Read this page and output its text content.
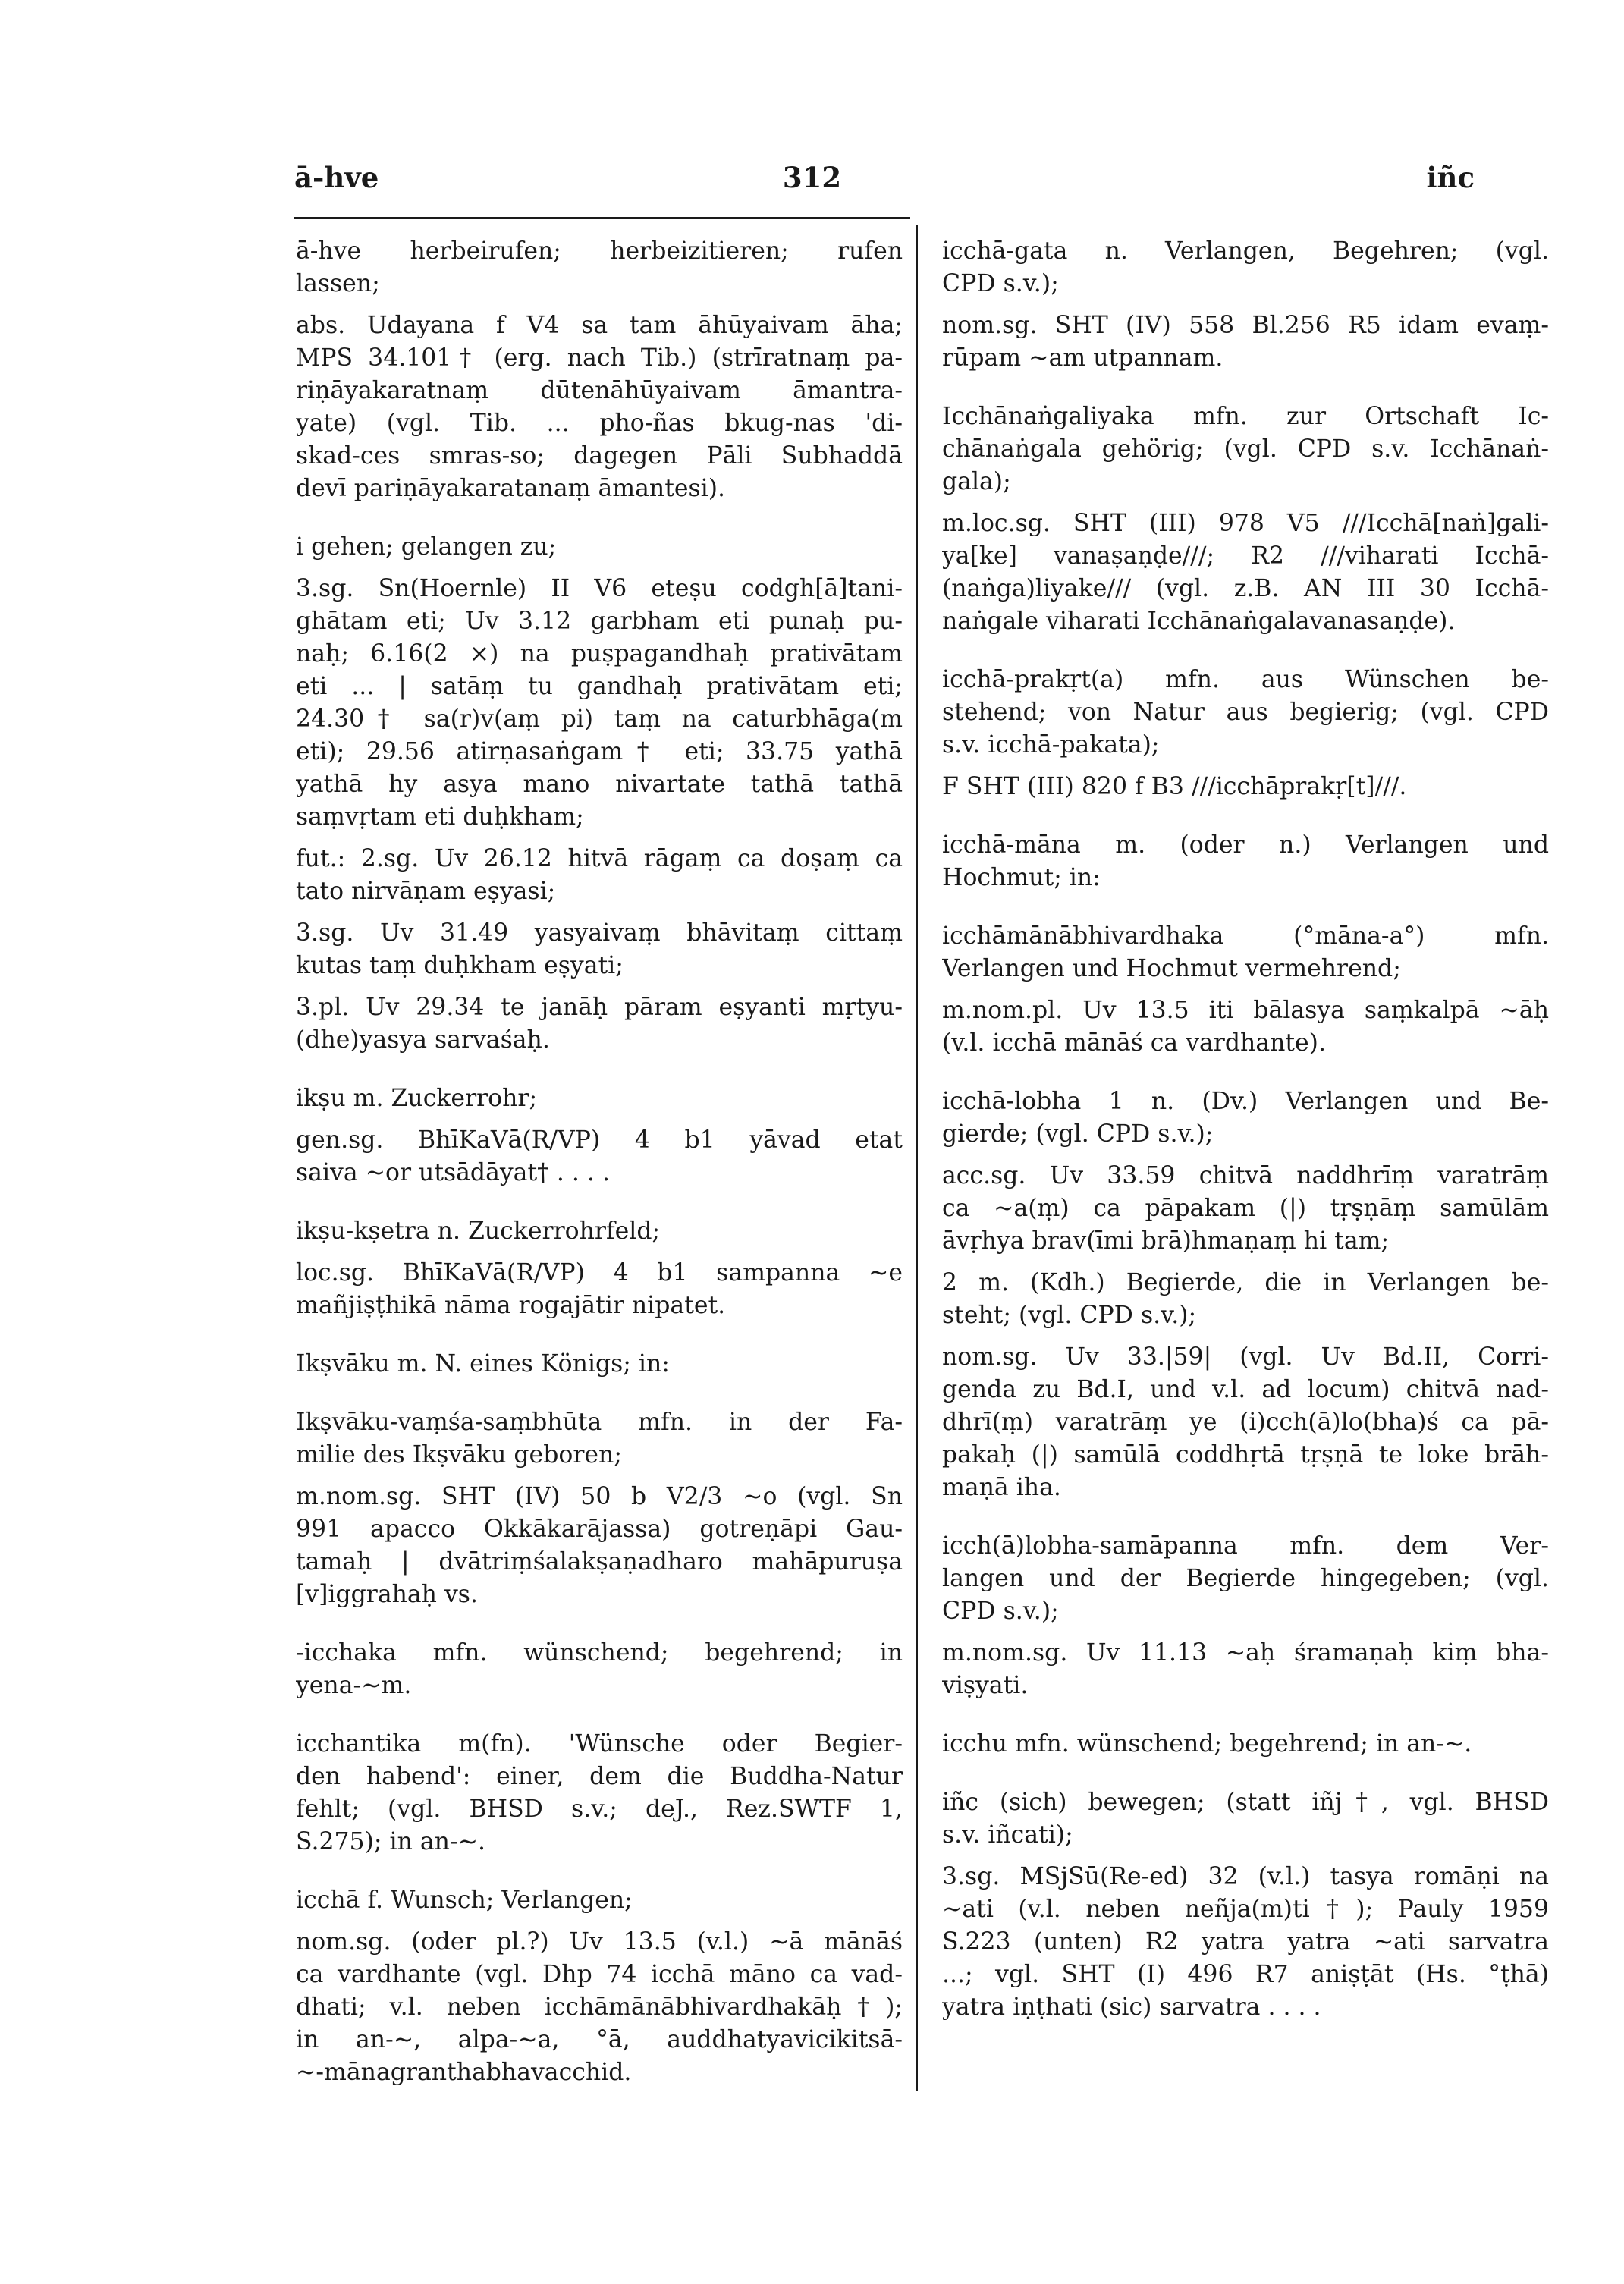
ā-hve	312	iñc
ā-hve herbeirufen; herbeizitieren; rufen
lassen;
abs. Udayana f V4 sa tam āhūyaivam āha;
MPS 34.101† (erg. nach Tib.) (strīratnaṃ pa-
riṇāyakaratnaṃ dūtenāhūyaivam āmantra-
yate) (vgl. Tib. ... pho-ñas bkug-nas 'di-
skad-ces smras-so; dagegen Pāli Subhaddā
devī pariṇāyakaratanaṃ āmantesi).
i gehen; gelangen zu;
3.sg. Sn(Hoernle) II V6 eteṣu codgh[ā]tani-
ghātam eti; Uv 3.12 garbham eti punaḥ pu-
naḥ; 6.16(2 ×) na puṣpagandhaḥ prativātam
eti ... | satāṃ tu gandhaḥ prativātam eti;
24.30† sa(r)v(aṃ pi) taṃ na caturbhāga(m
eti); 29.56 atirṇasaṅgam† eti; 33.75 yathā
yathā hy asya mano nivartate tathā tathā
saṃvṛtam eti duḥkham;
fut.: 2.sg. Uv 26.12 hitvā rāgaṃ ca doṣaṃ ca
tato nirvāṇam eṣyasi;
3.sg. Uv 31.49 yasyaivaṃ bhāvitaṃ cittaṃ
kutas taṃ duḥkham eṣyati;
3.pl. Uv 29.34 te janāḥ pāram eṣyanti mṛtyu-
(dhe)yasya sarvaśaḥ.
ikṣu m. Zuckerrohr;
gen.sg. BhīKaVā(R/VP) 4 b1 yāvad etat
saiva ~or utsādāyat† . . . .
ikṣu-kṣetra n. Zuckerrohrfeld;
loc.sg. BhīKaVā(R/VP) 4 b1 sampanna ~e
mañjiṣṭhikā nāma rogajātir nipatet.
Ikṣvāku m. N. eines Königs; in:
Ikṣvāku-vaṃśa-saṃbhūta mfn. in der Fa-
milie des Ikṣvāku geboren;
m.nom.sg. SHT (IV) 50 b V2/3 ~o (vgl. Sn
991 apacco Okkākarājassa) gotreṇāpi Gau-
tamaḥ | dvātriṃśalakṣaṇadharo mahāpuruṣa
[v]iggrahaḥ vs.
-icchaka mfn. wünschend; begehrend; in
yena-~m.
icchantika m(fn). 'Wünsche oder Begier-
den habend': einer, dem die Buddha-Natur
fehlt; (vgl. BHSD s.v.; deJ., Rez.SWTF 1,
S.275); in an-~.
icchā f. Wunsch; Verlangen;
nom.sg. (oder pl.?) Uv 13.5 (v.l.) ~ā mānāś
ca vardhante (vgl. Dhp 74 icchā māno ca vad-
dhati; v.l. neben icchāmānābhivardhakāḥ†);
in an-~, alpa-~a, °ā, auddhatyavicikitsā-
~-mānagranthabhavacchid.
icchā-gata n. Verlangen, Begehren; (vgl.
CPD s.v.);
nom.sg. SHT (IV) 558 Bl.256 R5 idam evaṃ-
rūpam ~am utpannam.
Icchānaṅgaliyaka mfn. zur Ortschaft Ic-
chānaṅgala gehörig; (vgl. CPD s.v. Icchānaṅ-
gala);
m.loc.sg. SHT (III) 978 V5 ///Icchā[naṅ]gali-
ya[ke] vanaṣaṇḍe///; R2 ///viharati Icchā-
(naṅga)liyake/// (vgl. z.B. AN III 30 Icchā-
naṅgale viharati Icchānaṅgalavanasaṇḍe).
icchā-prakṛt(a) mfn. aus Wünschen be-
stehend; von Natur aus begierig; (vgl. CPD
s.v. icchā-pakata);
F SHT (III) 820 f B3 ///icchāprakṛ[t]///.
icchā-māna m. (oder n.) Verlangen und
Hochmut; in:
icchāmānābhivardhaka (°māna-a°) mfn.
Verlangen und Hochmut vermehrend;
m.nom.pl. Uv 13.5 iti bālasya saṃkalpā ~āḥ
(v.l. icchā mānāś ca vardhante).
icchā-lobha 1 n. (Dv.) Verlangen und Be-
gierde; (vgl. CPD s.v.);
acc.sg. Uv 33.59 chitvā naddhrīṃ varatrāṃ
ca ~a(ṃ) ca pāpakam (|) tṛṣṇāṃ samūlām
āvṛhya brav(īmi brā)hmaṇaṃ hi tam;
2 m. (Kdh.) Begierde, die in Verlangen be-
steht; (vgl. CPD s.v.);
nom.sg. Uv 33.|59| (vgl. Uv Bd.II, Corri-
genda zu Bd.I, und v.l. ad locum) chitvā nad-
dhrī(ṃ) varatrāṃ ye (i)cch(ā)lo(bha)ś ca pā-
pakaḥ (|) samūlā coddhṛtā tṛṣṇā te loke brāh-
maṇā iha.
icch(ā)lobha-samāpanna mfn. dem Ver-
langen und der Begierde hingegeben; (vgl.
CPD s.v.);
m.nom.sg. Uv 11.13 ~aḥ śramaṇaḥ kiṃ bha-
viṣyati.
icchu mfn. wünschend; begehrend; in an-~.
iñc (sich) bewegen; (statt iñj†, vgl. BHSD
s.v. iñcati);
3.sg. MSjSū(Re-ed) 32 (v.l.) tasya romāṇi na
~ati (v.l. neben neñja(m)ti†); Pauly 1959
S.223 (unten) R2 yatra yatra ~ati sarvatra
...; vgl. SHT (I) 496 R7 aniṣṭāt (Hs. °ṭhā)
yatra iṇṭhati (sic) sarvatra . . . .
